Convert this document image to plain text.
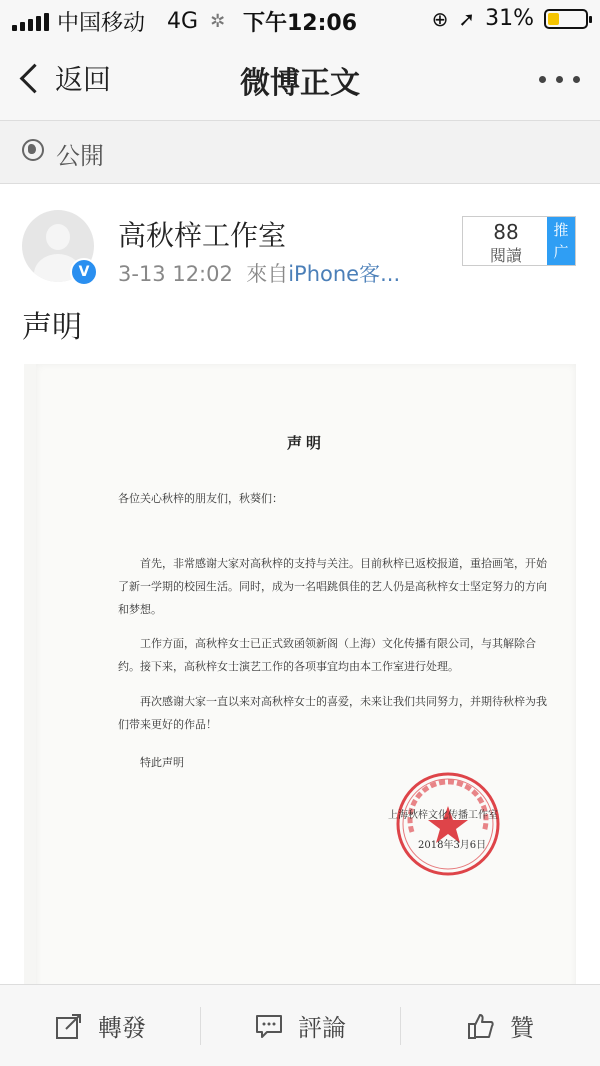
中国移动 4G ✲ 下午12:06	⊕ ➚ 31%
返回	微博正文
公開
V
高秋梓工作室
3-13 12:02 來自iPhone客...
88
閱讀
推广
声明
声明
各位关心秋梓的朋友们，秋葵们：
首先，非常感谢大家对高秋梓的支持与关注。目前秋梓已返校报道，重拾画笔，开始了新一学期的校园生活。同时，成为一名唱跳俱佳的艺人仍是高秋梓女士坚定努力的方向和梦想。
工作方面，高秋梓女士已正式致函领新阁（上海）文化传播有限公司，与其解除合约。接下来，高秋梓女士演艺工作的各项事宜均由本工作室进行处理。
再次感谢大家一直以来对高秋梓女士的喜爱，未来让我们共同努力，并期待秋梓为我们带来更好的作品！
特此声明
上海秋梓文化传播工作室
2018年3月6日
轉發	評論	贊
